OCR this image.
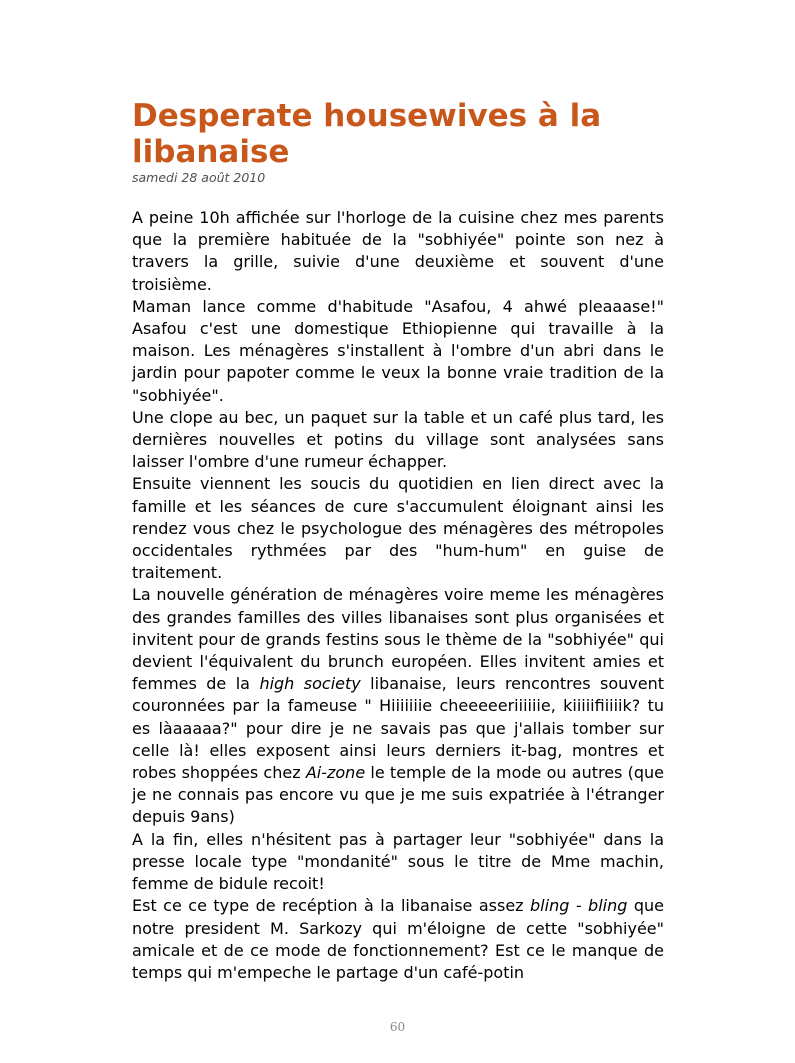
Desperate housewives à la libanaise
samedi 28 août 2010

A peine 10h affichée sur l'horloge de la cuisine chez mes parents que la première habituée de la "sobhiyée" pointe son nez à travers la grille, suivie d'une deuxième et souvent d'une troisième.

Maman lance comme d'habitude "Asafou, 4 ahwé pleaaase!" Asafou c'est une domestique Ethiopienne qui travaille à la maison. Les ménagères s'installent à l'ombre d'un abri dans le jardin pour papoter comme le veux la bonne vraie tradition de la "sobhiyée".

Une clope au bec, un paquet sur la table et un café plus tard, les dernières nouvelles et potins du village sont analysées sans laisser l'ombre d'une rumeur échapper.

Ensuite viennent les soucis du quotidien en lien direct avec la famille et les séances de cure s'accumulent éloignant ainsi les rendez vous chez le psychologue des ménagères des métropoles occidentales rythmées par des "hum-hum" en guise de traitement.

La nouvelle génération de ménagères voire meme les ménagères des grandes familles des villes libanaises sont plus organisées et invitent pour de grands festins sous le thème de la "sobhiyée" qui devient l'équivalent du brunch européen. Elles invitent amies et femmes de la high society libanaise, leurs rencontres souvent couronnées par la fameuse " Hiiiiiiie cheeeeeriiiiiie, kiiiiifiiiiik? tu es làaaaaa?" pour dire je ne savais pas que j'allais tomber sur celle là! elles exposent ainsi leurs derniers it-bag, montres et robes shoppées chez Ai-zone le temple de la mode ou autres (que je ne connais pas encore vu que je me suis expatriée à l'étranger depuis 9ans)

A la fin, elles n'hésitent pas à partager leur "sobhiyée" dans la presse locale type "mondanité" sous le titre de Mme machin, femme de bidule recoit!

Est ce ce type de recéption à la libanaise assez bling - bling que notre president M. Sarkozy qui m'éloigne de cette "sobhiyée" amicale et de ce mode de fonctionnement? Est ce le manque de temps qui m'empeche le partage d'un café-potin

60
